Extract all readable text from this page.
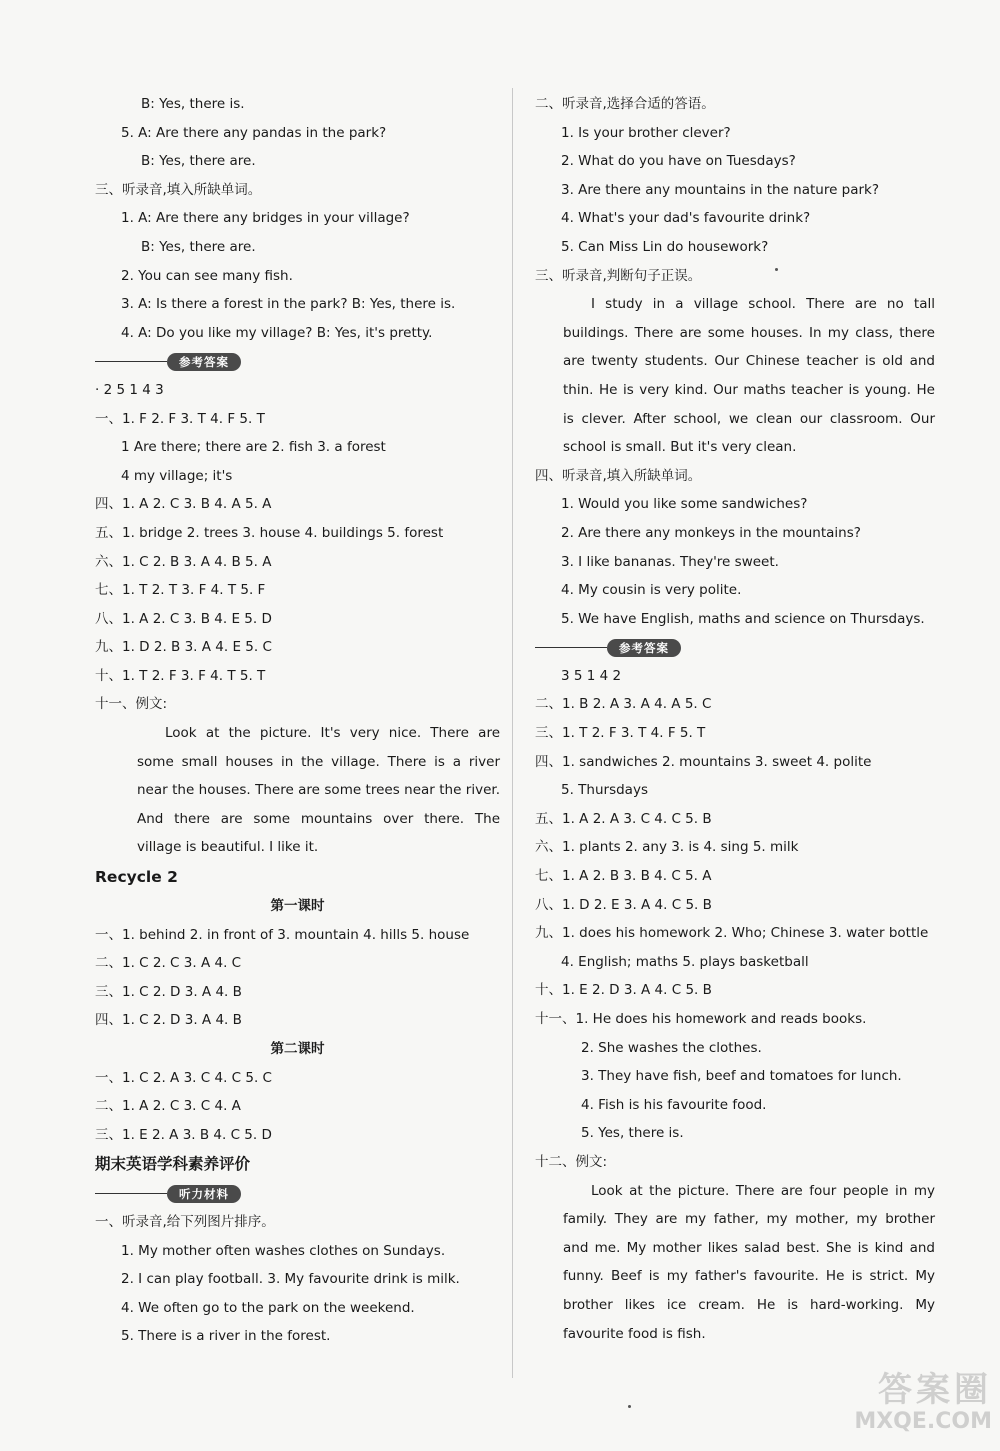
B: Yes, there is.
5. A: Are there any pandas in the park?
B: Yes, there are.
三、听录音,填入所缺单词。
1. A: Are there any bridges in your village?
B: Yes, there are.
2. You can see many fish.
3. A: Is there a forest in the park? B: Yes, there is.
4. A: Do you like my village? B: Yes, it's pretty.
参考答案
· 2 5 1 4 3
一、1. F 2. F 3. T 4. F 5. T
1 Are there; there are 2. fish 3. a forest
4 my village; it's
四、1. A 2. C 3. B 4. A 5. A
五、1. bridge 2. trees 3. house 4. buildings 5. forest
六、1. C 2. B 3. A 4. B 5. A
七、1. T 2. T 3. F 4. T 5. F
八、1. A 2. C 3. B 4. E 5. D
九、1. D 2. B 3. A 4. E 5. C
十、1. T 2. F 3. F 4. T 5. T
十一、例文:
Look at the picture. It's very nice. There are some small houses in the village. There is a river near the houses. There are some trees near the river. And there are some mountains over there. The village is beautiful. I like it.
Recycle 2
第一课时
一、1. behind 2. in front of 3. mountain 4. hills 5. house
二、1. C 2. C 3. A 4. C
三、1. C 2. D 3. A 4. B
四、1. C 2. D 3. A 4. B
第二课时
一、1. C 2. A 3. C 4. C 5. C
二、1. A 2. C 3. C 4. A
三、1. E 2. A 3. B 4. C 5. D
期末英语学科素养评价
听力材料
一、听录音,给下列图片排序。
1. My mother often washes clothes on Sundays.
2. I can play football. 3. My favourite drink is milk.
4. We often go to the park on the weekend.
5. There is a river in the forest.
二、听录音,选择合适的答语。
1. Is your brother clever?
2. What do you have on Tuesdays?
3. Are there any mountains in the nature park?
4. What's your dad's favourite drink?
5. Can Miss Lin do housework?
三、听录音,判断句子正误。
I study in a village school. There are no tall buildings. There are some houses. In my class, there are twenty students. Our Chinese teacher is old and thin. He is very kind. Our maths teacher is young. He is clever. After school, we clean our classroom. Our school is small. But it's very clean.
四、听录音,填入所缺单词。
1. Would you like some sandwiches?
2. Are there any monkeys in the mountains?
3. I like bananas. They're sweet.
4. My cousin is very polite.
5. We have English, maths and science on Thursdays.
参考答案
3 5 1 4 2
二、1. B 2. A 3. A 4. A 5. C
三、1. T 2. F 3. T 4. F 5. T
四、1. sandwiches 2. mountains 3. sweet 4. polite
5. Thursdays
五、1. A 2. A 3. C 4. C 5. B
六、1. plants 2. any 3. is 4. sing 5. milk
七、1. A 2. B 3. B 4. C 5. A
八、1. D 2. E 3. A 4. C 5. B
九、1. does his homework 2. Who; Chinese 3. water bottle
4. English; maths 5. plays basketball
十、1. E 2. D 3. A 4. C 5. B
十一、1. He does his homework and reads books.
2. She washes the clothes.
3. They have fish, beef and tomatoes for lunch.
4. Fish is his favourite food.
5. Yes, there is.
十二、例文:
Look at the picture. There are four people in my family. They are my father, my mother, my brother and me. My mother likes salad best. She is kind and funny. Beef is my father's favourite. He is strict. My brother likes ice cream. He is hard-working. My favourite food is fish.
答案圈
MXQE.COM
